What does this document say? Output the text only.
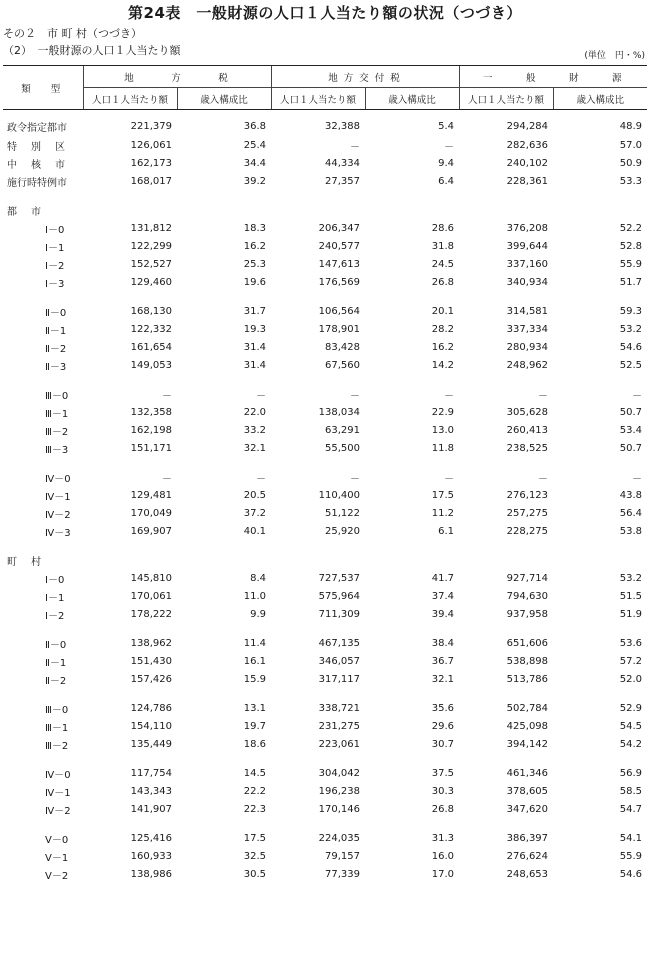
第24表　一般財源の人口１人当たり額の状況（つづき）
その２　市 町 村（つづき）
（2）　一般財源の人口１人当たり額	(単位　円・%)
類型	地　方　税		地方交付税		一　般　財　源	
	人口１人当たり額	歳入構成比	人口１人当たり額	歳入構成比	人口１人当たり額	歳入構成比
政令指定都市	221,379	36.8	32,388	5.4	294,284	48.9
特別区	126,061	25.4	－	－	282,636	57.0
中核市	162,173	34.4	44,334	9.4	240,102	50.9
施行時特例市	168,017	39.2	27,357	6.4	228,361	53.3

都市						
Ⅰ－0	131,812	18.3	206,347	28.6	376,208	52.2
Ⅰ－1	122,299	16.2	240,577	31.8	399,644	52.8
Ⅰ－2	152,527	25.3	147,613	24.5	337,160	55.9
Ⅰ－3	129,460	19.6	176,569	26.8	340,934	51.7

Ⅱ－0	168,130	31.7	106,564	20.1	314,581	59.3
Ⅱ－1	122,332	19.3	178,901	28.2	337,334	53.2
Ⅱ－2	161,654	31.4	83,428	16.2	280,934	54.6
Ⅱ－3	149,053	31.4	67,560	14.2	248,962	52.5

Ⅲ－0	－	－	－	－	－	－
Ⅲ－1	132,358	22.0	138,034	22.9	305,628	50.7
Ⅲ－2	162,198	33.2	63,291	13.0	260,413	53.4
Ⅲ－3	151,171	32.1	55,500	11.8	238,525	50.7

Ⅳ－0	－	－	－	－	－	－
Ⅳ－1	129,481	20.5	110,400	17.5	276,123	43.8
Ⅳ－2	170,049	37.2	51,122	11.2	257,275	56.4
Ⅳ－3	169,907	40.1	25,920	6.1	228,275	53.8

町村						
Ⅰ－0	145,810	8.4	727,537	41.7	927,714	53.2
Ⅰ－1	170,061	11.0	575,964	37.4	794,630	51.5
Ⅰ－2	178,222	9.9	711,309	39.4	937,958	51.9

Ⅱ－0	138,962	11.4	467,135	38.4	651,606	53.6
Ⅱ－1	151,430	16.1	346,057	36.7	538,898	57.2
Ⅱ－2	157,426	15.9	317,117	32.1	513,786	52.0

Ⅲ－0	124,786	13.1	338,721	35.6	502,784	52.9
Ⅲ－1	154,110	19.7	231,275	29.6	425,098	54.5
Ⅲ－2	135,449	18.6	223,061	30.7	394,142	54.2

Ⅳ－0	117,754	14.5	304,042	37.5	461,346	56.9
Ⅳ－1	143,343	22.2	196,238	30.3	378,605	58.5
Ⅳ－2	141,907	22.3	170,146	26.8	347,620	54.7

Ⅴ－0	125,416	17.5	224,035	31.3	386,397	54.1
Ⅴ－1	160,933	32.5	79,157	16.0	276,624	55.9
Ⅴ－2	138,986	30.5	77,339	17.0	248,653	54.6
